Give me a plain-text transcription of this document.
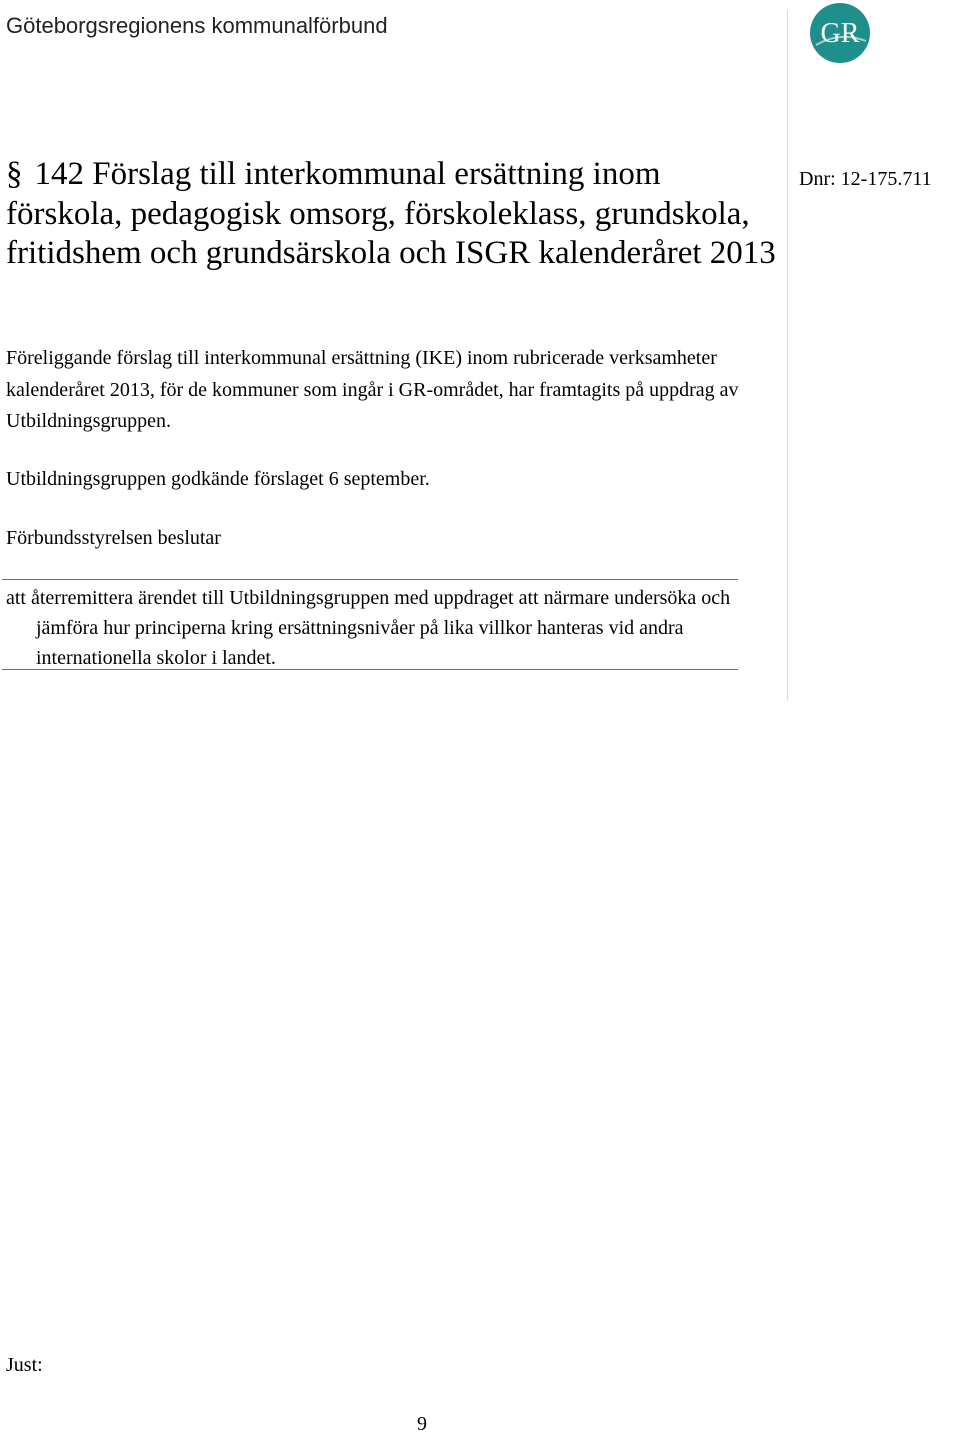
Göteborgsregionens kommunalförbund	GR
§ 142 Förslag till interkommunal ersättning inom förskola, pedagogisk omsorg, förskoleklass, grundskola, fritidshem och grundsärskola och ISGR kalenderåret 2013
Dnr: 12-175.711

Föreliggande förslag till interkommunal ersättning (IKE) inom rubricerade verksamheter kalenderåret 2013, för de kommuner som ingår i GR-området, har framtagits på uppdrag av Utbildningsgruppen.

Utbildningsgruppen godkände förslaget 6 september.

Förbundsstyrelsen beslutar

att återremittera ärendet till Utbildningsgruppen med uppdraget att närmare undersöka och jämföra hur principerna kring ersättningsnivåer på lika villkor hanteras vid andra internationella skolor i landet.

Just:
9
